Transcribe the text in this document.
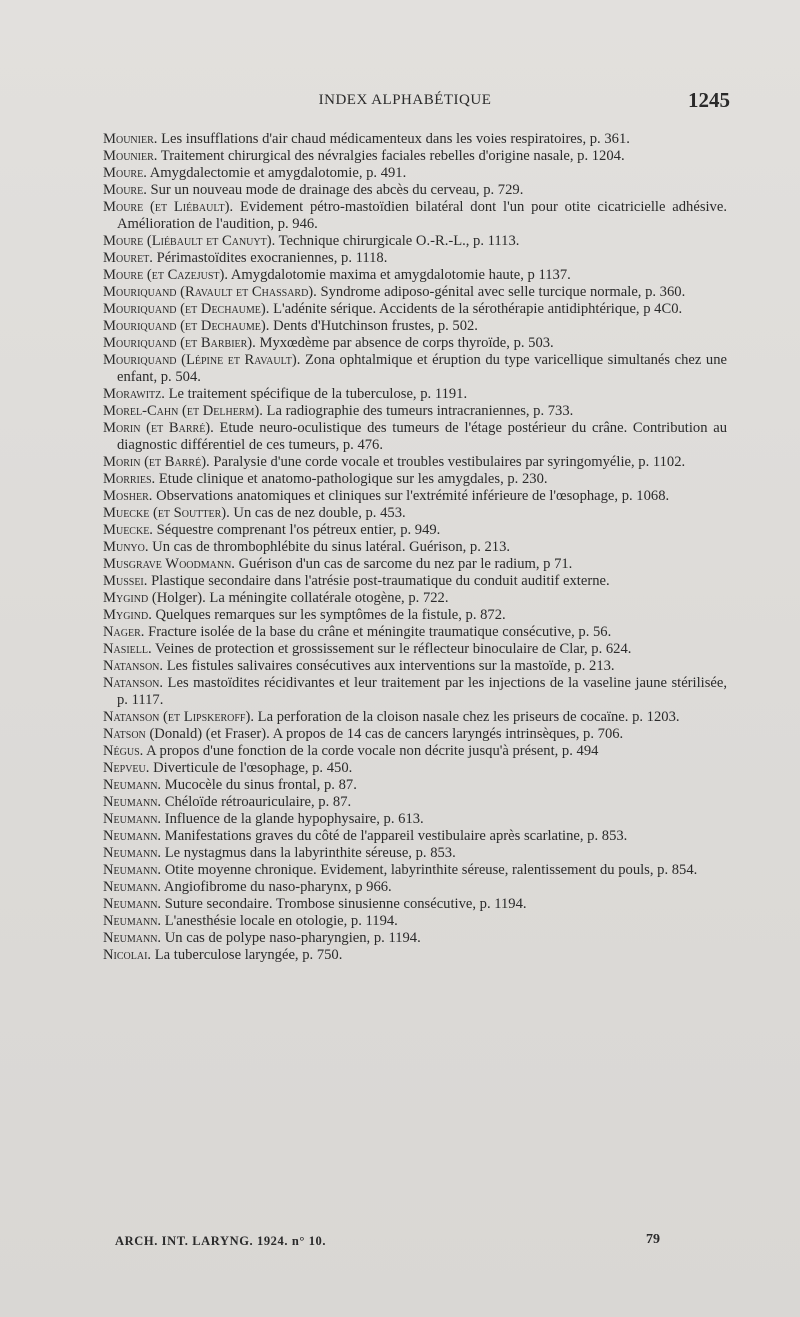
INDEX ALPHABÉTIQUE	1245
Mounier. Les insufflations d'air chaud médicamenteux dans les voies respiratoires, p. 361.
Mounier. Traitement chirurgical des névralgies faciales rebelles d'origine nasale, p. 1204.
Moure. Amygdalectomie et amygdalotomie, p. 491.
Moure. Sur un nouveau mode de drainage des abcès du cerveau, p. 729.
Moure (et Liébault). Evidement pétro-mastoïdien bilatéral dont l'un pour otite cicatricielle adhésive. Amélioration de l'audition, p. 946.
Moure (Liébault et Canuyt). Technique chirurgicale O.-R.-L., p. 1113.
Mouret. Périmastoïdites exocraniennes, p. 1118.
Moure (et Cazejust). Amygdalotomie maxima et amygdalotomie haute, p 1137.
Mouriquand (Ravault et Chassard). Syndrome adiposo-génital avec selle turcique normale, p. 360.
Mouriquand (et Dechaume). L'adénite sérique. Accidents de la sérothérapie antidiphtérique, p 4C0.
Mouriquand (et Dechaume). Dents d'Hutchinson frustes, p. 502.
Mouriquand (et Barbier). Myxœdème par absence de corps thyroïde, p. 503.
Mouriquand (Lépine et Ravault). Zona ophtalmique et éruption du type varicellique simultanés chez une enfant, p. 504.
Morawitz. Le traitement spécifique de la tuberculose, p. 1191.
Morel-Cahn (et Delherm). La radiographie des tumeurs intracraniennes, p. 733.
Morin (et Barré). Etude neuro-oculistique des tumeurs de l'étage postérieur du crâne. Contribution au diagnostic différentiel de ces tumeurs, p. 476.
Morin (et Barré). Paralysie d'une corde vocale et troubles vestibulaires par syringomyélie, p. 1102.
Morries. Etude clinique et anatomo-pathologique sur les amygdales, p. 230.
Mosher. Observations anatomiques et cliniques sur l'extrémité inférieure de l'œsophage, p. 1068.
Muecke (et Soutter). Un cas de nez double, p. 453.
Muecke. Séquestre comprenant l'os pétreux entier, p. 949.
Munyo. Un cas de thrombophlébite du sinus latéral. Guérison, p. 213.
Musgrave Woodmann. Guérison d'un cas de sarcome du nez par le radium, p 71.
Mussei. Plastique secondaire dans l'atrésie post-traumatique du conduit auditif externe.
Mygind (Holger). La méningite collatérale otogène, p. 722.
Mygind. Quelques remarques sur les symptômes de la fistule, p. 872.
Nager. Fracture isolée de la base du crâne et méningite traumatique consécutive, p. 56.
Nasiell. Veines de protection et grossissement sur le réflecteur binoculaire de Clar, p. 624.
Natanson. Les fistules salivaires consécutives aux interventions sur la mastoïde, p. 213.
Natanson. Les mastoïdites récidivantes et leur traitement par les injections de la vaseline jaune stérilisée, p. 1117.
Natanson (et Lipskeroff). La perforation de la cloison nasale chez les priseurs de cocaïne. p. 1203.
Natson (Donald) (et Fraser). A propos de 14 cas de cancers laryngés intrinsèques, p. 706.
Négus. A propos d'une fonction de la corde vocale non décrite jusqu'à présent, p. 494
Nepveu. Diverticule de l'œsophage, p. 450.
Neumann. Mucocèle du sinus frontal, p. 87.
Neumann. Chéloïde rétroauriculaire, p. 87.
Neumann. Influence de la glande hypophysaire, p. 613.
Neumann. Manifestations graves du côté de l'appareil vestibulaire après scarlatine, p. 853.
Neumann. Le nystagmus dans la labyrinthite séreuse, p. 853.
Neumann. Otite moyenne chronique. Evidement, labyrinthite séreuse, ralentissement du pouls, p. 854.
Neumann. Angiofibrome du naso-pharynx, p 966.
Neumann. Suture secondaire. Trombose sinusienne consécutive, p. 1194.
Neumann. L'anesthésie locale en otologie, p. 1194.
Neumann. Un cas de polype naso-pharyngien, p. 1194.
Nicolai. La tuberculose laryngée, p. 750.
ARCH. INT. LARYNG. 1924. n° 10.	79
